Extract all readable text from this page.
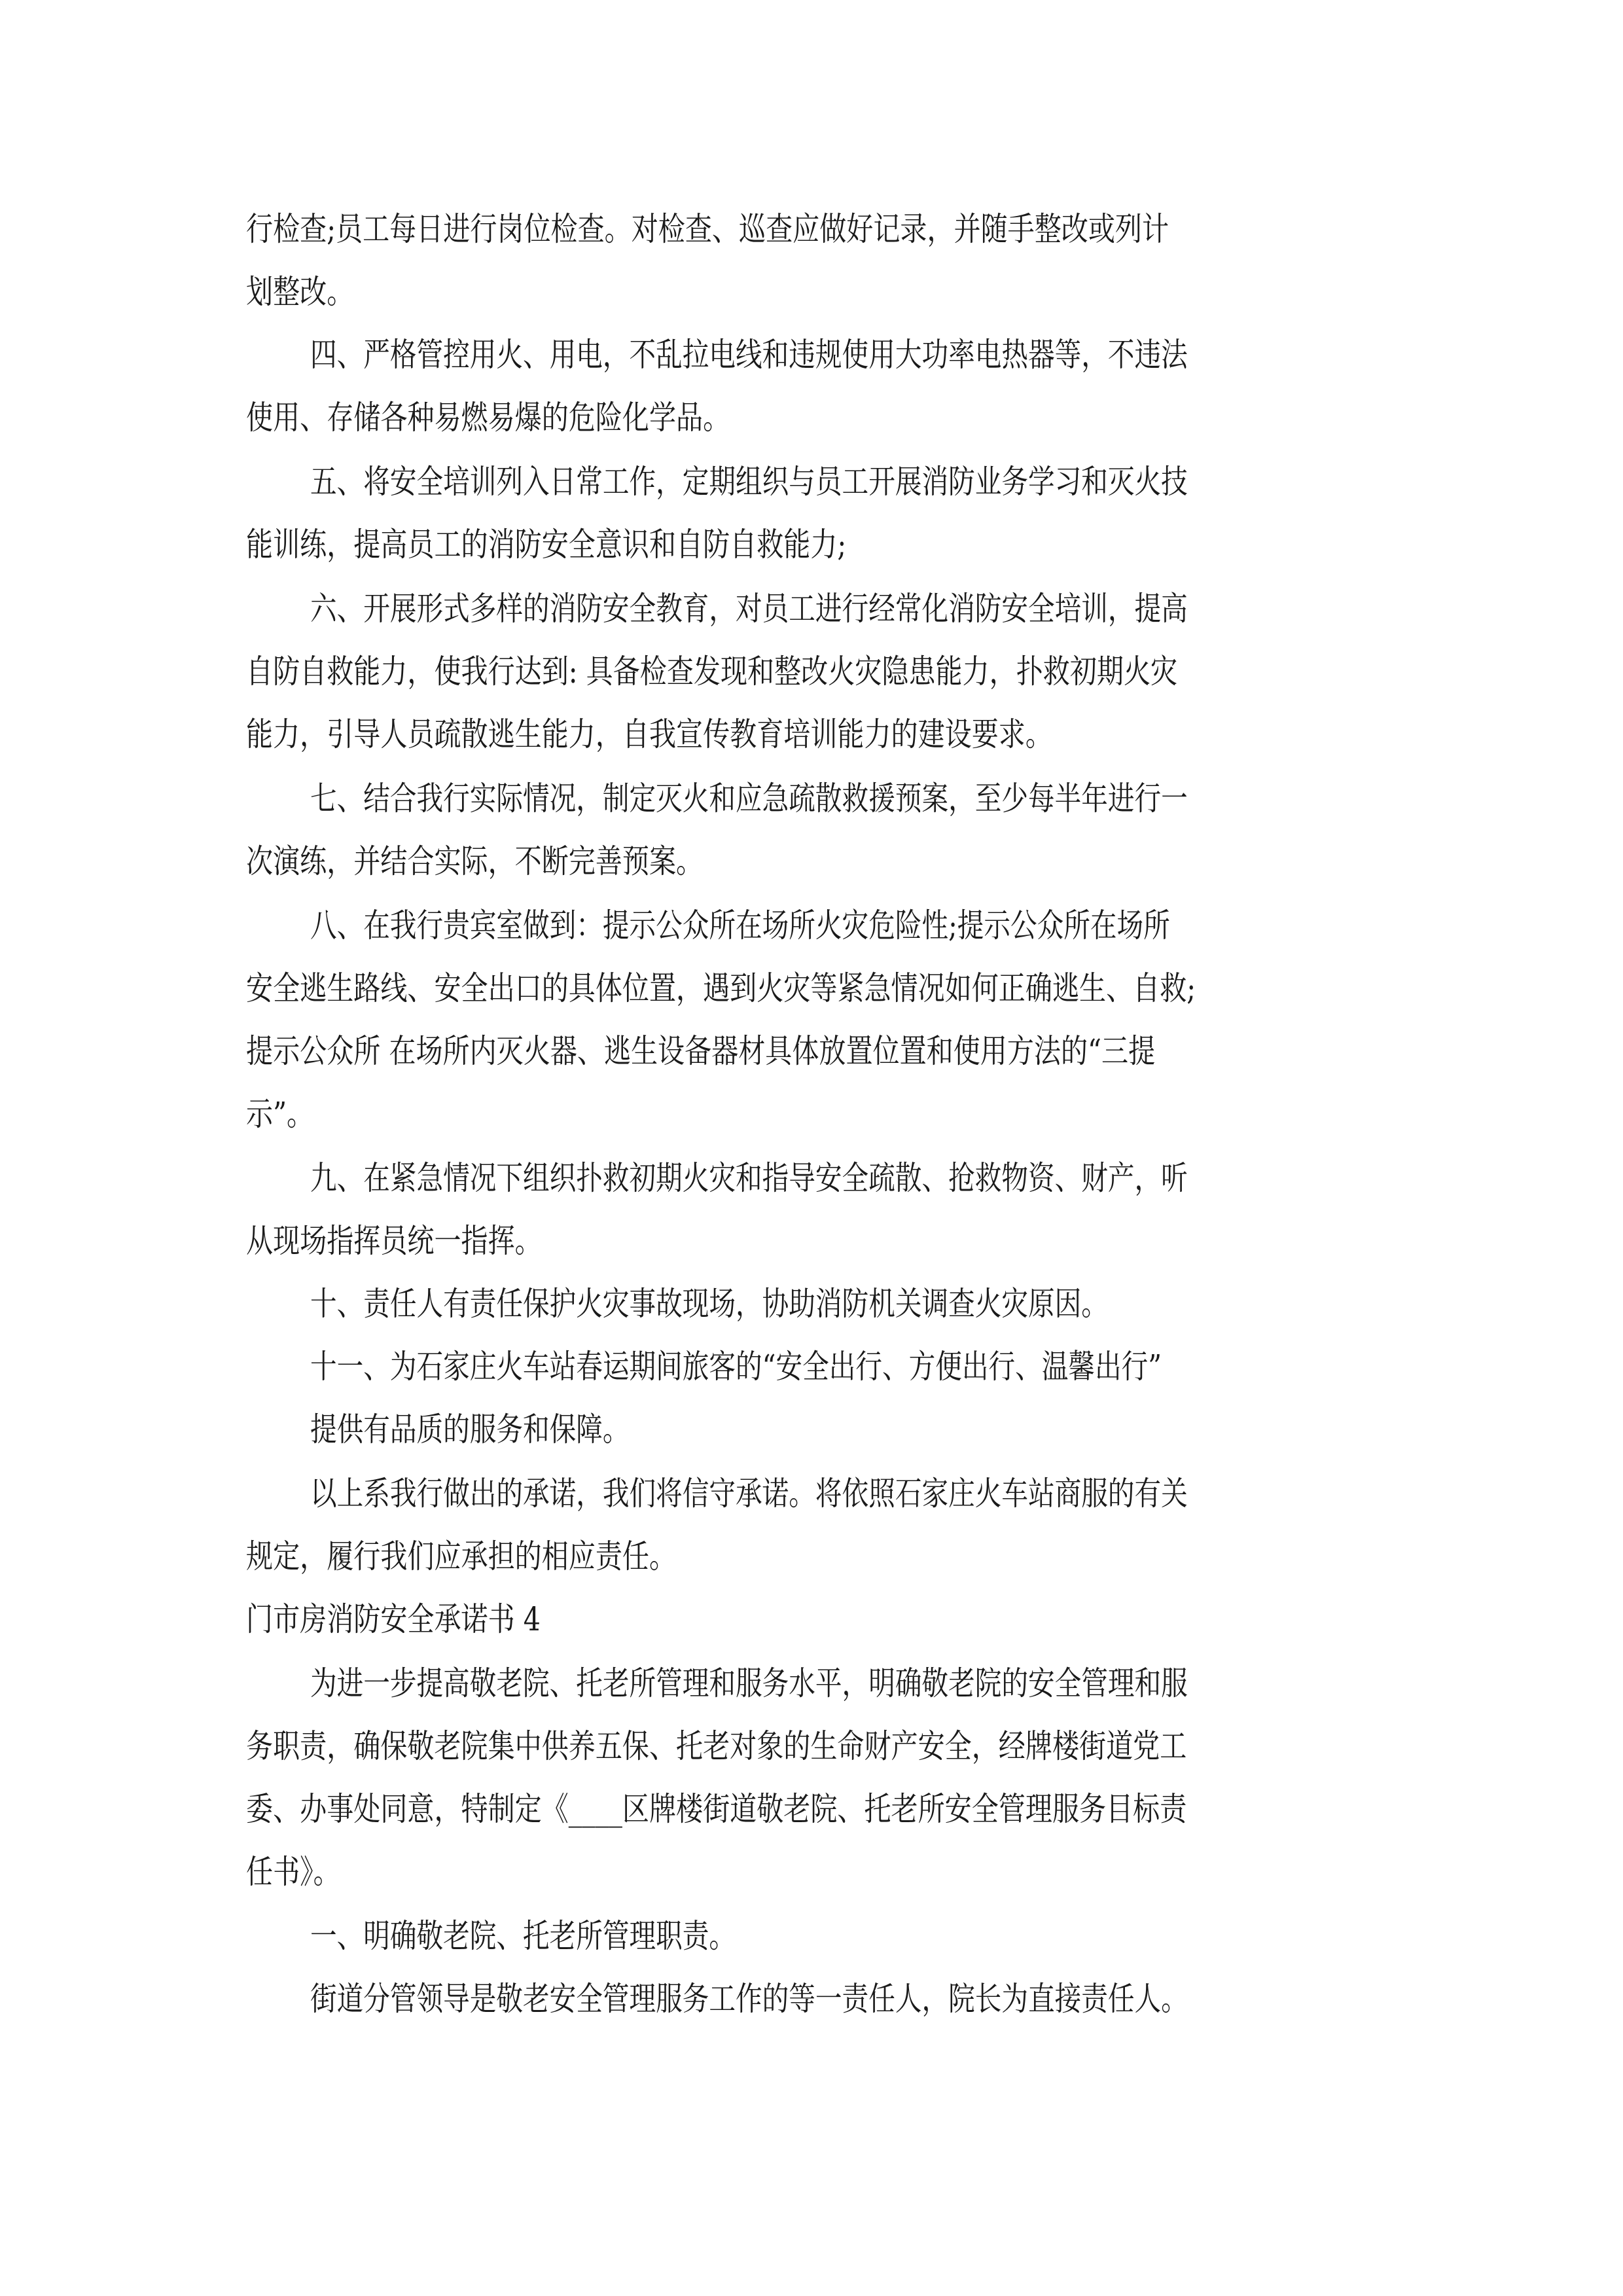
行检查;员工每日进行岗位检查。对检查、巡查应做好记录，并随手整改或列计
划整改。
四、严格管控用火、用电，不乱拉电线和违规使用大功率电热器等，不违法
使用、存储各种易燃易爆的危险化学品。
五、将安全培训列入日常工作，定期组织与员工开展消防业务学习和灭火技
能训练，提高员工的消防安全意识和自防自救能力;
六、开展形式多样的消防安全教育，对员工进行经常化消防安全培训，提高
自防自救能力，使我行达到: 具备检查发现和整改火灾隐患能力，扑救初期火灾
能力，引导人员疏散逃生能力，自我宣传教育培训能力的建设要求。
七、结合我行实际情况，制定灭火和应急疏散救援预案，至少每半年进行一
次演练，并结合实际，不断完善预案。
八、在我行贵宾室做到：提示公众所在场所火灾危险性;提示公众所在场所
安全逃生路线、安全出口的具体位置，遇到火灾等紧急情况如何正确逃生、自救;
提示公众所 在场所内灭火器、逃生设备器材具体放置位置和使用方法的“三提
示”。
九、在紧急情况下组织扑救初期火灾和指导安全疏散、抢救物资、财产，听
从现场指挥员统一指挥。
十、责任人有责任保护火灾事故现场，协助消防机关调查火灾原因。
十一、为石家庄火车站春运期间旅客的“安全出行、方便出行、温馨出行”
提供有品质的服务和保障。
以上系我行做出的承诺，我们将信守承诺。将依照石家庄火车站商服的有关
规定，履行我们应承担的相应责任。
门市房消防安全承诺书 4
为进一步提高敬老院、托老所管理和服务水平，明确敬老院的安全管理和服
务职责，确保敬老院集中供养五保、托老对象的生命财产安全，经牌楼街道党工
委、办事处同意，特制定《____区牌楼街道敬老院、托老所安全管理服务目标责
任书》。
一、明确敬老院、托老所管理职责。
街道分管领导是敬老安全管理服务工作的等一责任人，院长为直接责任人。
